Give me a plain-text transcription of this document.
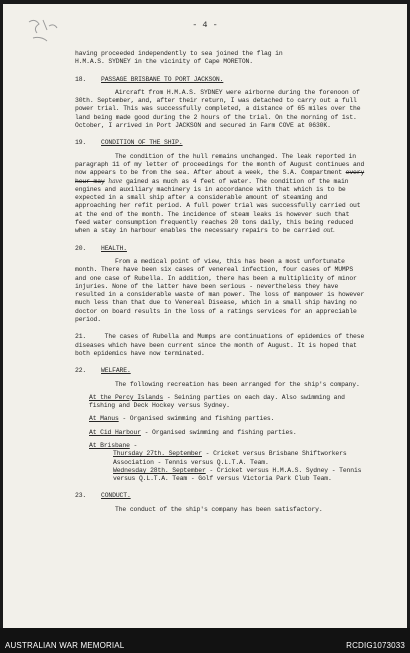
- 4 -

having proceeded independently to sea joined the flag in

H.M.A.S. SYDNEY in the vicinity of Cape MORETON.

18. PASSAGE BRISBANE TO PORT JACKSON.

Aircraft from H.M.A.S. SYDNEY were airborne during the forenoon of 30th. September, and, after their return, I was detached to carry out a full power trial. This was successfully completed, a distance of 65 miles over the land being made good during the 2 hours of the trial. On the morning of 1st. October, I arrived in Port JACKSON and secured in Farm COVE at 0630K.

19. CONDITION OF THE SHIP.

The condition of the hull remains unchanged. The leak reported in paragraph 11 of my letter of proceedings for the month of August continues and now appears to be from the sea. After about a week, the S.A. Compartment every hour may have gained as much as 4 feet of water. The condition of the main engines and auxiliary machinery is in accordance with that which is to be expected in a small ship after a considerable amount of steaming and approaching her refit period. A full power trial was successfully carried out at the end of the month. The incidence of steam leaks is however such that feed water consumption frequently reaches 20 tons daily, this being reduced when a stay in harbour enables the necessary repairs to be carried out.

20. HEALTH.

From a medical point of view, this has been a most unfortunate month. There have been six cases of venereal infection, four cases of MUMPS and one case of Rubella. In addition, there has been a multiplicity of minor injuries. None of the latter have been serious - nevertheless they have resulted in a considerable waste of man power. The loss of manpower is however much less than that due to Venereal Disease, which in a small ship having no doctor on board results in the loss of a ratings services for an appreciable period.

21.	The cases of Rubella and Mumps are continuations of epidemics of these diseases which have been current since the month of August. It is hoped that both epidemics have now terminated.

22. WELFARE.

The following recreation has been arranged for the ship's company.

At the Percy Islands - Seining parties on each day. Also swimming and fishing and Deck Hockey versus Sydney.

At Manus - Organised swimming and fishing parties.

At Cid Harbour - Organised swimming and fishing parties.

At Brisbane -

Thursday 27th. September - Cricket versus Brisbane Shiftworkers Association - Tennis versus Q.L.T.A. Team.

Wednesday 28th. September - Cricket versus H.M.A.S. Sydney - Tennis versus Q.L.T.A. Team - Golf versus Victoria Park Club Team.

23. CONDUCT.

The conduct of the ship's company has been satisfactory.

AUSTRALIAN WAR MEMORIAL	RCDIG1073033
